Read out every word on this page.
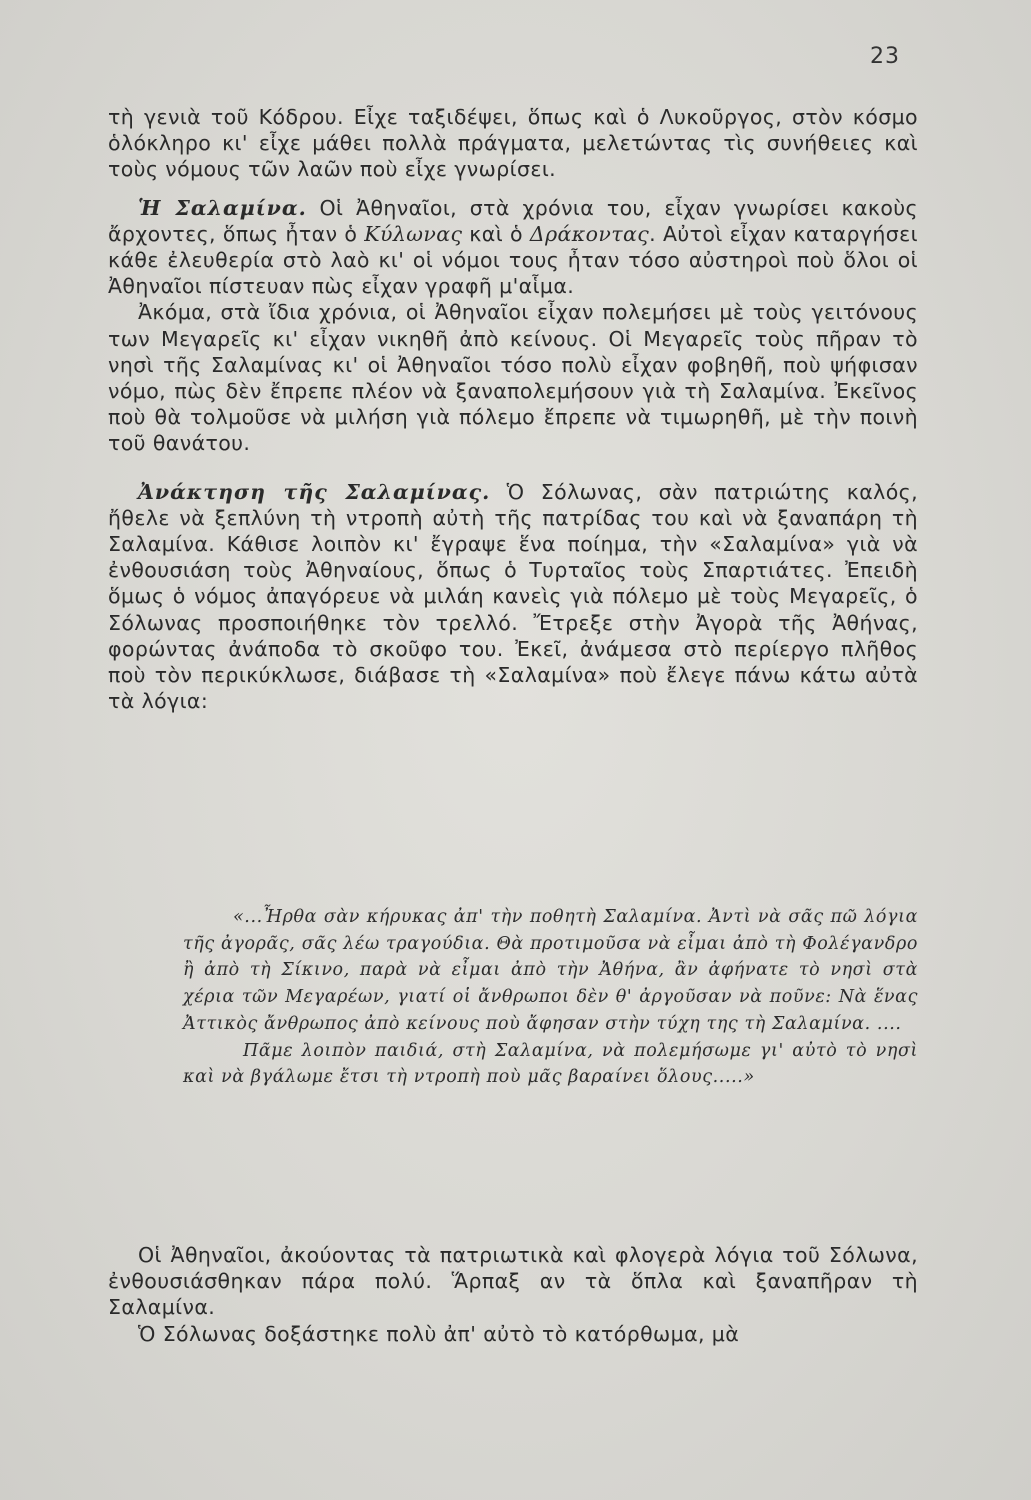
23

τὴ γενιὰ τοῦ Κόδρου. Εἶχε ταξιδέψει, ὅπως καὶ ὁ Λυκοῦργος, στὸν κόσμο ὁλόκληρο κι' εἶχε μάθει πολλὰ πράγματα, μελετώντας τὶς συνήθειες καὶ τοὺς νόμους τῶν λαῶν ποὺ εἶχε γνωρίσει.

Ἡ Σαλαμίνα. Οἱ Ἀθηναῖοι, στὰ χρόνια του, εἶχαν γνωρίσει κακοὺς ἄρχοντες, ὅπως ἦταν ὁ Κύλωνας καὶ ὁ Δράκοντας. Αὐτοὶ εἶχαν καταργήσει κάθε ἐλευθερία στὸ λαὸ κι' οἱ νόμοι τους ἦταν τόσο αὐστηροὶ ποὺ ὅλοι οἱ Ἀθηναῖοι πίστευαν πὼς εἶχαν γραφῆ μ'αἷμα.

Ἀκόμα, στὰ ἴδια χρόνια, οἱ Ἀθηναῖοι εἶχαν πολεμήσει μὲ τοὺς γειτόνους των Μεγαρεῖς κι' εἶχαν νικηθῆ ἀπὸ κείνους. Οἱ Μεγαρεῖς τοὺς πῆραν τὸ νησὶ τῆς Σαλαμίνας κι' οἱ Ἀθηναῖοι τόσο πολὺ εἶχαν φοβηθῆ, ποὺ ψήφισαν νόμο, πὼς δὲν ἔπρεπε πλέον νὰ ξαναπολεμήσουν γιὰ τὴ Σαλαμίνα. Ἐκεῖνος ποὺ θὰ τολμοῦσε νὰ μιλήση γιὰ πόλεμο ἔπρεπε νὰ τιμωρηθῆ, μὲ τὴν ποινὴ τοῦ θανάτου.

Ἀνάκτηση τῆς Σαλαμίνας. Ὁ Σόλωνας, σὰν πατριώτης καλός, ἤθελε νὰ ξεπλύνη τὴ ντροπὴ αὐτὴ τῆς πατρίδας του καὶ νὰ ξαναπάρη τὴ Σαλαμίνα. Κάθισε λοιπὸν κι' ἔγραψε ἕνα ποίημα, τὴν «Σαλαμίνα» γιὰ νὰ ἐνθουσιάση τοὺς Ἀθηναίους, ὅπως ὁ Τυρταῖος τοὺς Σπαρτιάτες. Ἐπειδὴ ὅμως ὁ νόμος ἀπαγόρευε νὰ μιλάη κανεὶς γιὰ πόλεμο μὲ τοὺς Μεγαρεῖς, ὁ Σόλωνας προσποιήθηκε τὸν τρελλό. Ἔτρεξε στὴν Ἀγορὰ τῆς Ἀθήνας, φορώντας ἀνάποδα τὸ σκοῦφο του. Ἐκεῖ, ἀνάμεσα στὸ περίεργο πλῆθος ποὺ τὸν περικύκλωσε, διάβασε τὴ «Σαλαμίνα» ποὺ ἔλεγε πάνω κάτω αὐτὰ τὰ λόγια:

«...Ἦρθα σὰν κήρυκας ἀπ' τὴν ποθητὴ Σαλαμίνα. Ἀντὶ νὰ σᾶς πῶ λόγια τῆς ἀγορᾶς, σᾶς λέω τραγούδια. Θὰ προτιμοῦσα νὰ εἶμαι ἀπὸ τὴ Φολέγανδρο ἢ ἀπὸ τὴ Σίκινο, παρὰ νὰ εἶμαι ἀπὸ τὴν Ἀθήνα, ἂν ἀφήνατε τὸ νησὶ στὰ χέρια τῶν Μεγαρέων, γιατί οἱ ἄνθρωποι δὲν θ' ἀργοῦσαν νὰ ποῦνε: Νὰ ἕνας Ἀττικὸς ἄνθρωπος ἀπὸ κείνους ποὺ ἄφησαν στὴν τύχη της τὴ Σαλαμίνα. ....

Πᾶμε λοιπὸν παιδιά, στὴ Σαλαμίνα, νὰ πολεμήσωμε γι' αὐτὸ τὸ νησὶ καὶ νὰ βγάλωμε ἔτσι τὴ ντροπὴ ποὺ μᾶς βαραίνει ὅλους.....»

Οἱ Ἀθηναῖοι, ἀκούοντας τὰ πατριωτικὰ καὶ φλογερὰ λόγια τοῦ Σόλωνα, ἐνθουσιάσθηκαν πάρα πολύ. Ἅρπαξ αν τὰ ὅπλα καὶ ξαναπῆραν τὴ Σαλαμίνα.

Ὁ Σόλωνας δοξάστηκε πολὺ ἀπ' αὐτὸ τὸ κατόρθωμα, μὰ
